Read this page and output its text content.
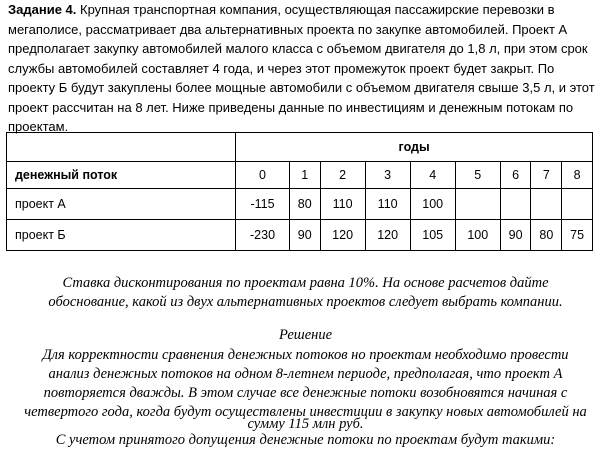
Задание 4. Крупная транспортная компания, осуществляющая пассажирские перевозки в мегаполисе, рассматривает два альтернативных проекта по закупке автомобилей. Проект А предполагает закупку автомобилей малого класса с объемом двигателя до 1,8 л, при этом срок службы автомобилей составляет 4 года, и через этот промежуток проект будет закрыт. По проекту Б будут закуплены более мощные автомобили с объемом двигателя свыше 3,5 л, и этот проект рассчитан на 8 лет. Ниже приведены данные по инвестициям и денежным потокам по проектам.
	годы								
денежный поток	0	1	2	3	4	5	6	7	8
проект А	-115	80	110	110	100				
проект Б	-230	90	120	120	105	100	90	80	75
Ставка дисконтирования по проектам равна 10%. На основе расчетов дайте
обоснование, какой из двух альтернативных проектов следует выбрать компании.
Решение
Для корректности сравнения денежных потоков но проектам необходимо провести
анализ денежных потоков на одном 8-летнем периоде, предполагая, что проект А
повторяется дважды. В этом случае все денежные потоки возобновятся начиная с
четвертого года, когда будут осуществлены инвестиции в закупку новых автомобилей на
сумму 115 млн руб.
С учетом принятого допущения денежные потоки по проектам будут такими:
